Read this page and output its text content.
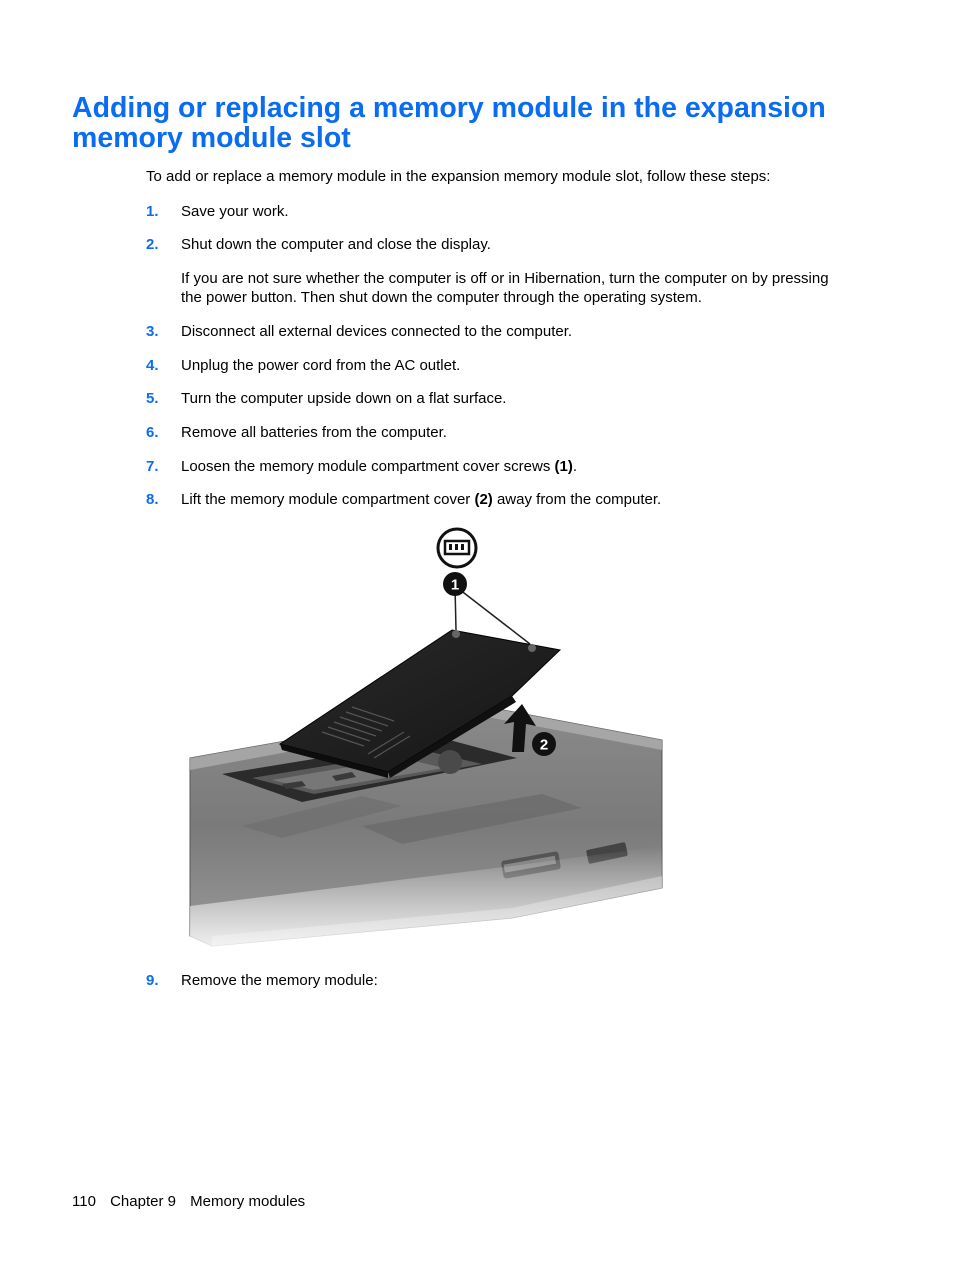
Adding or replacing a memory module in the expansion
memory module slot

To add or replace a memory module in the expansion memory module slot, follow these steps:

1.	Save your work.
2.	Shut down the computer and close the display.
If you are not sure whether the computer is off or in Hibernation, turn the computer on by pressing
the power button. Then shut down the computer through the operating system.
3.	Disconnect all external devices connected to the computer.
4.	Unplug the power cord from the AC outlet.
5.	Turn the computer upside down on a flat surface.
6.	Remove all batteries from the computer.
7.	Loosen the memory module compartment cover screws (1).
8.	Lift the memory module compartment cover (2) away from the computer.
1
2
9.	Remove the memory module:
110 Chapter 9 Memory modules
